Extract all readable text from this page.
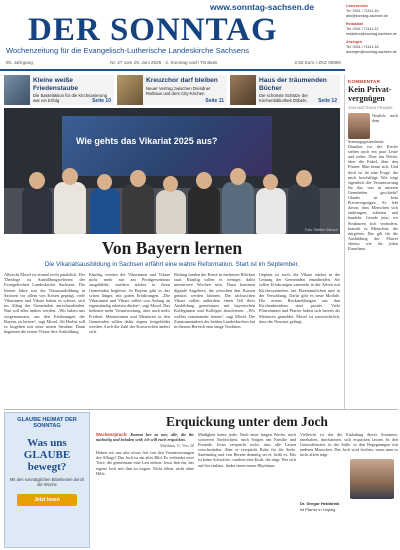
www.sonntag-sachsen.de
DER SONNTAG
Wochenzeitung für die Evangelisch-Lutherische Landeskirche Sachsens
80. Jahrgang	Nr. 27 vom 29. Juni 2025 · 2. Sonntag nach Trinitatis	2,50 Euro / ZKZ 06990
Leserservice
Tel. 0341 / 71141-16 abo@sonntag-sachsen.de
Redaktion
Tel. 0341 / 71141-12 redaktion@sonntag-sachsen.de
Anzeigen
Tel. 0341 / 71141-18 anzeigen@sonntag-sachsen.de
Kleine weiße Friedenstaube
Die Bastelaktion für die Kirchsanierung war ein Erfolg	Seite 10
Kreuzchor darf bleiben
Neuer Vertrag zwischen Dresdner Rathaus und dem City-Kirchen
Seite 11
Haus der träumenden Bücher
Die schönste Schätze der Kirchenbibliothek Döbeln	Seite 12
Wie gehts das Vikariat 2025 aus?
Foto: Steffen Giersch
Von Bayern lernen
Die Vikariatsausbildung in Sachsen erfährt eine wahre Reformation. Start ist im September.
Albrecht Mosel ist einmal nicht pünktlich. Der Theologe ist Ausbildungsreferent der Evangelischen Landeskirche Sachsens. Die letzten Jahre war die Vikarsausbildung in Sachsen vor allem von Krisen geprägt, viele Vikarinnen und Vikare haben es schwer, sich im Alltag der Gemeinden zurechtzufinden. Nun soll alles anders werden. „Wir haben uns vorgenommen, aus den Erfahrungen der Bayern zu lernen“, sagt Mosel. Ab Herbst soll es losgehen mit einer neuen Struktur. Dann beginnen die ersten Vikare ihre Ausbildung.
Künftig werden die Vikarinnen und Vikare nicht mehr nur am Predigerseminar ausgebildet, sondern stärker in ihren Gemeinden begleitet. In Bayern gibt es das schon länger, mit guten Erfahrungen. „Die Vikarinnen und Vikare sollen von Anfang an eigenständig arbeiten dürfen“, sagt Mosel. Das bedeutet mehr Verantwortung, aber auch mehr Freiheit. Mentorinnen und Mentoren in den Gemeinden sollen dafür eigens fortgebildet werden. Auch die Zahl der Kurswochen ändert sich.
Bislang fanden die Kurse in mehreren Blöcken statt. Künftig sollen es weniger, dafür intensivere Wochen sein. Dazu kommen digitale Angebote, die zwischen den Kursen genutzt werden können. Die sächsischen Vikare sollen außerdem einen Teil ihrer Ausbildung gemeinsam mit bayerischen Kolleginnen und Kollegen absolvieren. „Wir wollen voneinander lernen“, sagt Mosel. Die Zusammenarbeit der beiden Landeskirchen hat in diesem Bereich eine lange Tradition.
Geplant ist auch, die Vikare stärker in die Leitung der Gemeinden einzubinden. Sie sollen Erfahrungen sammeln in der Arbeit mit Kirchvorständen, mit Ehrenamtlichen und in der Verwaltung. Dafür gibt es neue Module. Die ersten Rückmeldungen aus den Kirchenbezirken sind positiv. Viele Pfarrerinnen und Pfarrer haben sich bereits als Mentoren gemeldet. Mosel ist zuversichtlich, dass der Neustart gelingt.
KOMMENTAR
Kein Privat-vergnügen
VON MATTHIAS FRANKE
Neulich, nach dem Sonntagsgottesdienst: Draußen vor der Kirche stehen noch ein paar Leute und reden. Über das Wetter, über die Enkel, über den Pfarrer. Man kennt sich. Und doch ist da eine Frage, die mich beschäftigt: Wer trägt eigentlich die Verantwortung für das, was in unseren Gemeinden geschieht? Glaube ist kein Privatvergnügen. Er lebt davon, dass Menschen sich einbringen, zuhören und handeln. Gerade jetzt, wo Strukturen sich verändern, braucht es Menschen, die mitgehen. Das gilt für die Ausbildung der Pfarrer ebenso wie für jeden Einzelnen.
GLAUBE HEIMAT DER SONNTAG
Was uns GLAUBE bewegt?
Mit den sonntäglichen Bibeltexten durch die Woche
Jetzt lesen
Erquickung unter dem Joch
Wochenspruch: Kommt her zu mir, alle, die ihr mühselig und beladen seid; ich will euch erquicken.
Matthäus 11, Vers 28
Haben wir uns also etwas frei von den Verantwortungen des Alltags? Das Joch ist ein altes Bild. Es verbindet zwei Tiere, die gemeinsam eine Last ziehen. Jesus lädt ein, das eigene Joch mit ihm zu tragen. Nicht allein, nicht ohne Hilfe.
Müdigkeit kennt jeder. Nach einer langen Woche, nach schweren Nachrichten, nach Sorgen um Familie und Freunde. Jesus verspricht nicht, dass alle Lasten verschwinden. Aber er verspricht Ruhe für die Seele. Sanftmütig und von Herzen demütig sei er, heißt es. Das ist keine Schwäche, sondern eine Kraft, die trägt. Wer sich auf ihn einlässt, findet einen neuen Rhythmus.
Vielleicht ist das die Einladung dieses Sommers: innehalten, durchatmen, sich erquicken lassen. In den Gottesdiensten, in der Stille, in den Begegnungen mit anderen Menschen. Das Joch wird leichter, wenn man es nicht allein trägt.
Dr. Gregor Heidbrink
ist Pfarrer in Leipzig
